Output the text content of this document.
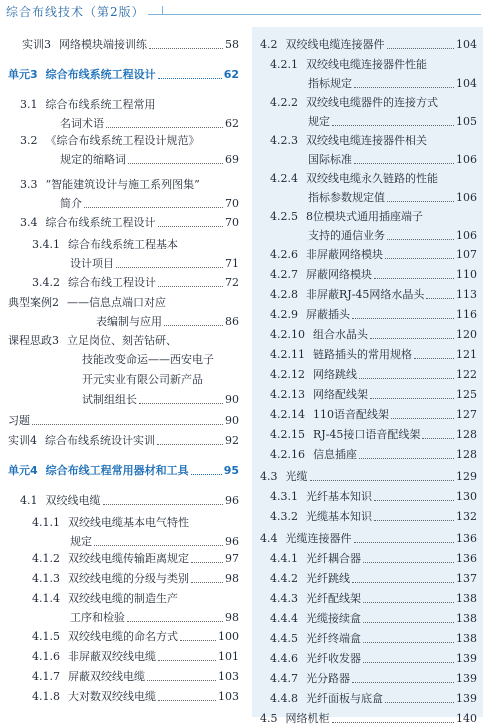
综合布线技术（第2版）
实训3 网络模块端接训练	58
单元3 综合布线系统工程设计	62
3.1 综合布线系统工程常用
名词术语	62
3.2 《综合布线系统工程设计规范》
规定的缩略词	69
3.3 “智能建筑设计与施工系列图集”
简介	70
3.4 综合布线系统工程设计	70
3.4.1 综合布线系统工程基本
设计项目	71
3.4.2 综合布线工程设计	72
典型案例2 ——信息点端口对应
表编制与应用	86
课程思政3 立足岗位、刻苦钻研、
技能改变命运——西安电子
开元实业有限公司新产品
试制组组长	90
习题	90
实训4 综合布线系统设计实训	92
单元4 综合布线工程常用器材和工具	95
4.1 双绞线电缆	96
4.1.1 双绞线电缆基本电气特性
规定	96
4.1.2 双绞线电缆传输距离规定	97
4.1.3 双绞线电缆的分级与类别	98
4.1.4 双绞线电缆的制造生产
工序和检验	98
4.1.5 双绞线电缆的命名方式	100
4.1.6 非屏蔽双绞线电缆	101
4.1.7 屏蔽双绞线电缆	103
4.1.8 大对数双绞线电缆	103
4.2 双绞线电缆连接器件	104
4.2.1 双绞线电缆连接器件性能
指标规定	104
4.2.2 双绞线电缆器件的连接方式
规定	105
4.2.3 双绞线电缆连接器件相关
国际标准	106
4.2.4 双绞线电缆永久链路的性能
指标参数规定值	106
4.2.5 8位模块式通用插座端子
支持的通信业务	106
4.2.6 非屏蔽网络模块	107
4.2.7 屏蔽网络模块	110
4.2.8 非屏蔽RJ-45网络水晶头	113
4.2.9 屏蔽插头	116
4.2.10 组合水晶头	120
4.2.11 链路插头的常用规格	121
4.2.12 网络跳线	122
4.2.13 网络配线架	125
4.2.14 110语音配线架	127
4.2.15 RJ-45接口语音配线架	128
4.2.16 信息插座	128
4.3 光缆	129
4.3.1 光纤基本知识	130
4.3.2 光缆基本知识	132
4.4 光缆连接器件	136
4.4.1 光纤耦合器	136
4.4.2 光纤跳线	137
4.4.3 光纤配线架	138
4.4.4 光缆接续盒	138
4.4.5 光纤终端盒	138
4.4.6 光纤收发器	139
4.4.7 光分路器	139
4.4.8 光纤面板与底盒	139
4.5 网络机柜	140
